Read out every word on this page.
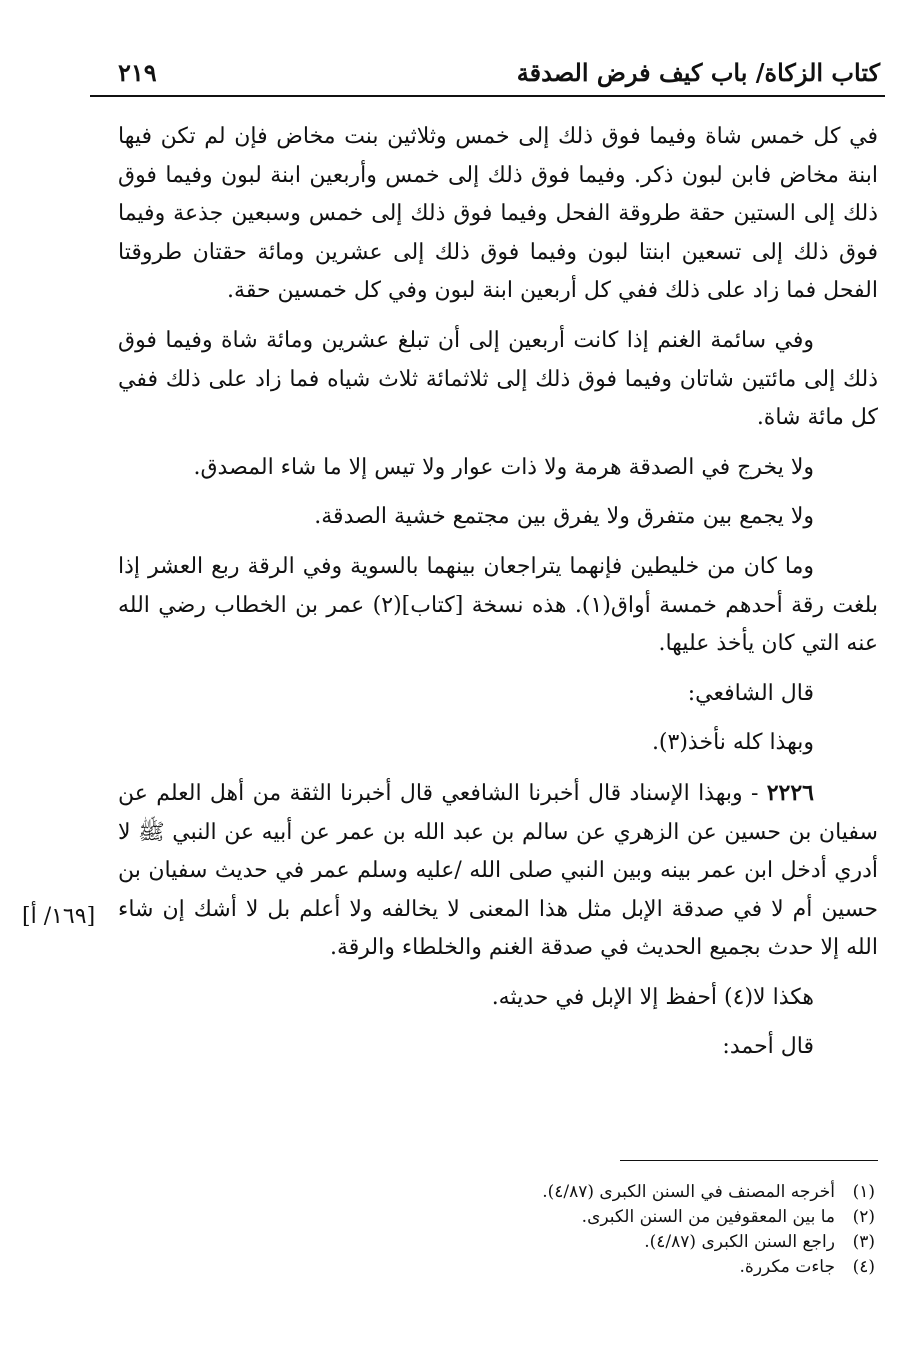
كتاب الزكاة/ باب كيف فرض الصدقة
٢١٩

في كل خمس شاة وفيما فوق ذلك إلى خمس وثلاثين بنت مخاض فإن لم تكن فيها ابنة مخاض فابن لبون ذكر. وفيما فوق ذلك إلى خمس وأربعين ابنة لبون وفيما فوق ذلك إلى الستين حقة طروقة الفحل وفيما فوق ذلك إلى خمس وسبعين جذعة وفيما فوق ذلك إلى تسعين ابنتا لبون وفيما فوق ذلك إلى عشرين ومائة حقتان طروقتا الفحل فما زاد على ذلك ففي كل أربعين ابنة لبون وفي كل خمسين حقة.

وفي سائمة الغنم إذا كانت أربعين إلى أن تبلغ عشرين ومائة شاة وفيما فوق ذلك إلى مائتين شاتان وفيما فوق ذلك إلى ثلاثمائة ثلاث شياه فما زاد على ذلك ففي كل مائة شاة.

ولا يخرج في الصدقة هرمة ولا ذات عوار ولا تيس إلا ما شاء المصدق.

ولا يجمع بين متفرق ولا يفرق بين مجتمع خشية الصدقة.

وما كان من خليطين فإنهما يتراجعان بينهما بالسوية وفي الرقة ربع العشر إذا بلغت رقة أحدهم خمسة أواق(١). هذه نسخة [كتاب](٢) عمر بن الخطاب رضي الله عنه التي كان يأخذ عليها.

قال الشافعي:

وبهذا كله نأخذ(٣).

٢٢٢٦ - وبهذا الإسناد قال أخبرنا الشافعي قال أخبرنا الثقة من أهل العلم عن سفيان بن حسين عن الزهري عن سالم بن عبد الله بن عمر عن أبيه عن النبي ﷺ لا أدري أدخل ابن عمر بينه وبين النبي صلى الله /عليه وسلم عمر في حديث سفيان بن حسين أم لا في صدقة الإبل مثل هذا المعنى لا يخالفه ولا أعلم بل لا أشك إن شاء الله إلا حدث بجميع الحديث في صدقة الغنم والخلطاء والرقة.

هكذا لا(٤) أحفظ إلا الإبل في حديثه.

قال أحمد:

[١٦٩/ أ]
(١)
أخرجه المصنف في السنن الكبرى (٤/٨٧).
(٢)
ما بين المعقوفين من السنن الكبرى.
(٣)
راجع السنن الكبرى (٤/٨٧).
(٤)
جاءت مكررة.
